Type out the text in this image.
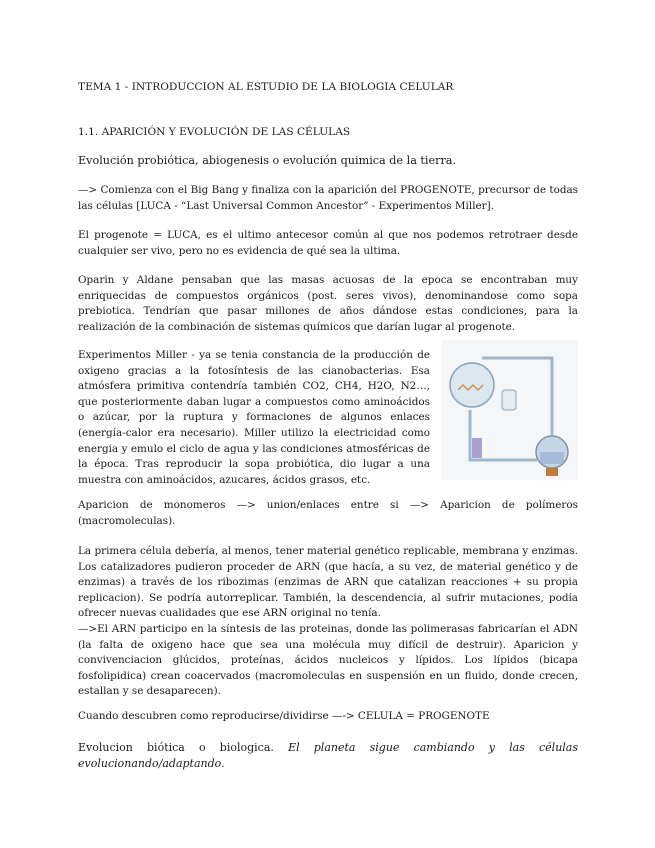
TEMA 1 - INTRODUCCION AL ESTUDIO DE LA BIOLOGIA CELULAR
1.1. APARICIÓN Y EVOLUCIÓN DE LAS CÉLULAS
Evolución probiótica, abiogenesis o evolución quimica de la tierra.
—> Comienza con el Big Bang y finaliza con la aparición del PROGENOTE, precursor de todas las células [LUCA - “Last Universal Common Ancestor” - Experimentos Miller].
El progenote = LUCA, es el ultimo antecesor común al que nos podemos retrotraer desde cualquier ser vivo, pero no es evidencia de qué sea la ultima.
Oparin y Aldane pensaban que las masas acuosas de la epoca se encontraban muy enriquecidas de compuestos orgánicos (post. seres vivos), denominandose como sopa prebiotica. Tendrían que pasar millones de años dándose estas condiciones, para la realización de la combinación de sistemas químicos que darían lugar al progenote.
Experimentos Miller - ya se tenia constancia de la producción de oxigeno gracias a la fotosíntesis de las cianobacterias. Esa atmósfera primitiva contendría también CO2, CH4, H2O, N2…, que posteriormente daban lugar a compuestos como aminoácidos o azúcar, por la ruptura y formaciones de algunos enlaces (energía-calor era necesario). Miller utilizo la electricidad como energia y emulo el ciclo de agua y las condiciones atmosféricas de la época. Tras reproducir la sopa probiótica, dio lugar a una muestra con aminoácidos, azucares, ácidos grasos, etc.
Aparicion de monomeros —> union/enlaces entre si —> Aparicion de polímeros (macromoleculas).
La primera célula debería, al menos, tener material genético replicable, membrana y enzimas. Los catalizadores pudieron proceder de ARN (que hacía, a su vez, de material genético y de enzimas) a través de los ribozimas (enzimas de ARN que catalizan reacciones + su propia replicacion). Se podría autorreplicar. También, la descendencia, al sufrir mutaciones, podía ofrecer nuevas cualidades que ese ARN original no tenía.
—>El ARN participo en la síntesis de las proteinas, donde las polimerasas fabricarían el ADN (la falta de oxigeno hace que sea una molécula muy difícil de destruir). Aparicion y convivenciacion glúcidos, proteínas, ácidos nucleicos y lípidos. Los lípidos (bicapa fosfolipidica) crean coacervados (macromoleculas en suspensión en un fluido, donde crecen, estallan y se desaparecen).
Cuando descubren como reproducirse/dividirse —-> CELULA = PROGENOTE
Evolucion biótica o biologica. El planeta sigue cambiando y las células evolucionando/adaptando.
